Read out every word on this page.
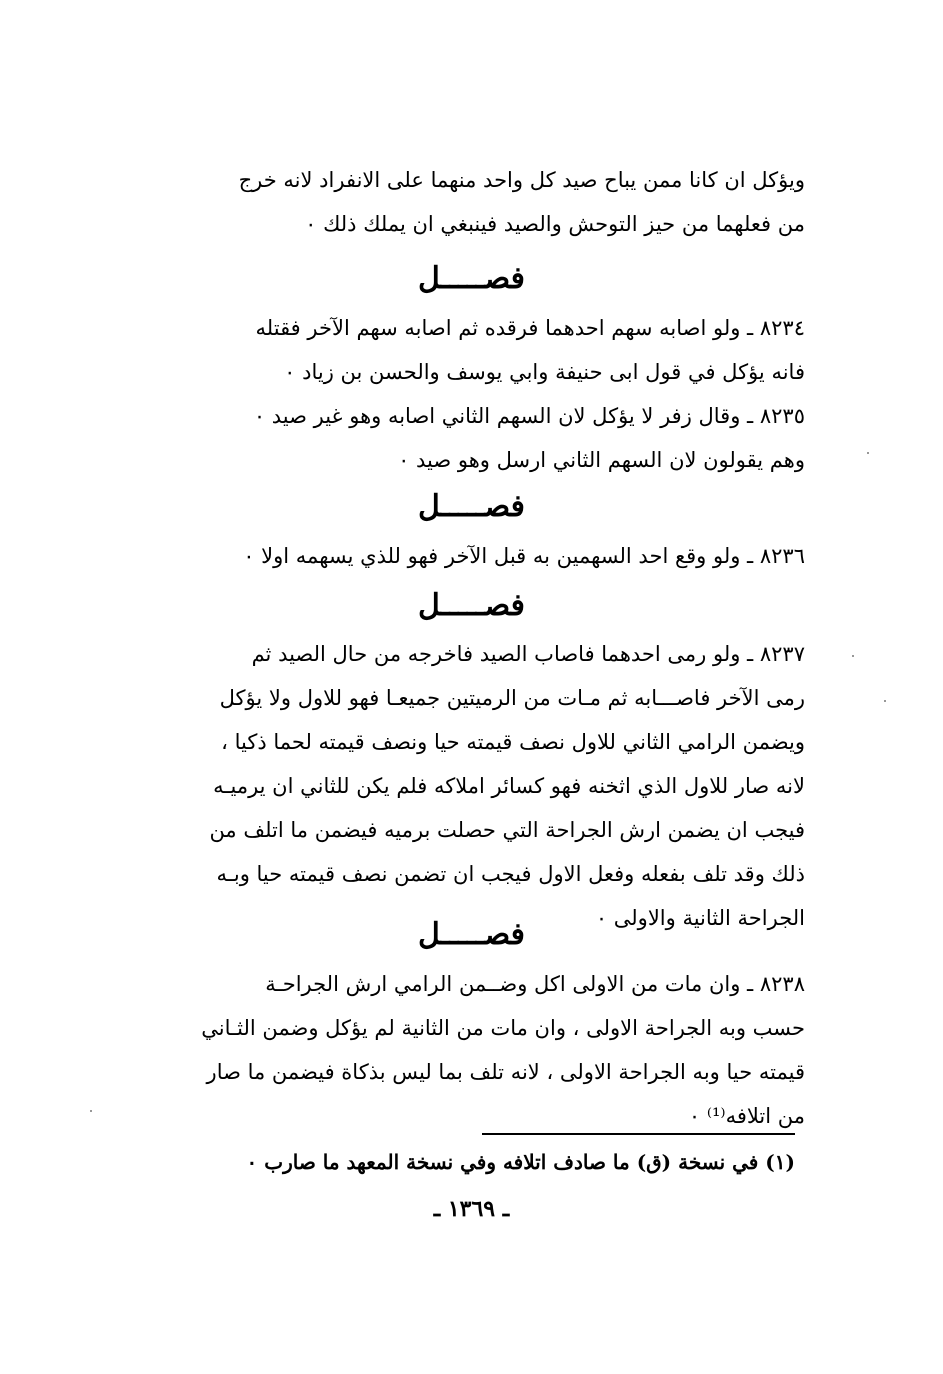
ويؤكل ان كانا ممن يباح صيد كل واحد منهما على الانفراد لانه خرج
من فعلهما من حيز التوحش والصيد فينبغي ان يملك ذلك ٠
فصـــــل
٨٢٣٤ ـ ولو اصابه سهم احدهما فرقده ثم اصابه سهم الآخر فقتله
فانه يؤكل في قول ابى حنيفة وابي يوسف والحسن بن زياد ٠
٨٢٣٥ ـ وقال زفر لا يؤكل لان السهم الثاني اصابه وهو غير صيد ٠
وهم يقولون لان السهم الثاني ارسل وهو صيد ٠
فصـــــل
٨٢٣٦ ـ ولو وقع احد السهمين به قبل الآخر فهو للذي يسهمه اولا ٠
فصـــــل
٨٢٣٧ ـ ولو رمى احدهما فاصاب الصيد فاخرجه من حال الصيد ثم
رمى الآخر فاصـــابه ثم مـات من الرميتين جميعـا فهو للاول ولا يؤكل
ويضمن الرامي الثاني للاول نصف قيمته حيا ونصف قيمته لحما ذكيا ،
لانه صار للاول الذي اثخنه فهو كسائر املاكه فلم يكن للثاني ان يرميـه
فيجب ان يضمن ارش الجراحة التي حصلت برميه فيضمن ما اتلف من
ذلك وقد تلف بفعله وفعل الاول فيجب ان تضمن نصف قيمته حيا وبـه
الجراحة الثانية والاولى ٠
فصـــــل
٨٢٣٨ ـ وان مات من الاولى اكل وضــمن الرامي ارش الجراحـة
حسب وبه الجراحة الاولى ، وان مات من الثانية لم يؤكل وضمن الثـاني
قيمته حيا وبه الجراحة الاولى ، لانه تلف بما ليس بذكاة فيضمن ما صار
من اتلافه⁽¹⁾ ٠
(١) في نسخة (ق) ما صادف اتلافه وفي نسخة المعهد ما صارب ٠
ـ ١٣٦٩ ـ
